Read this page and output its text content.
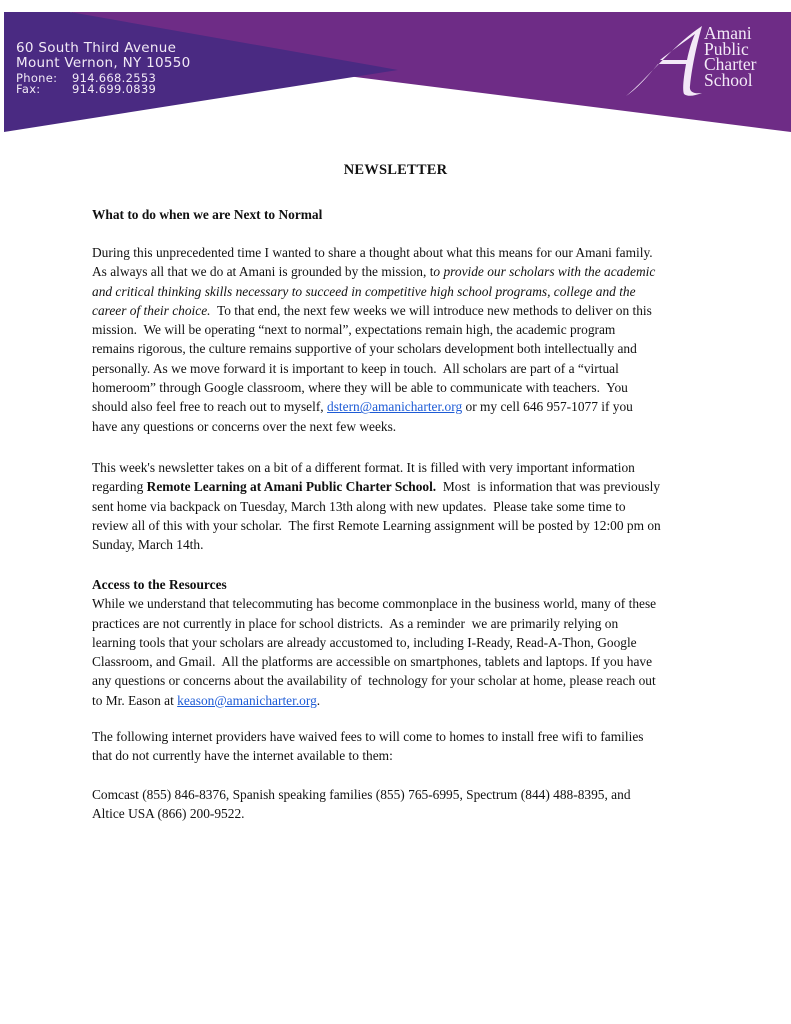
60 South Third Avenue
Mount Vernon, NY 10550
Phone: 914.668.2553
Fax:	914.699.0839
Amani
Public
Charter
School
NEWSLETTER
What to do when we are Next to Normal
During this unprecedented time I wanted to share a thought about what this means for our Amani family.
As always all that we do at Amani is grounded by the mission, to provide our scholars with the academic
and critical thinking skills necessary to succeed in competitive high school programs, college and the
career of their choice.  To that end, the next few weeks we will introduce new methods to deliver on this
mission.  We will be operating “next to normal”, expectations remain high, the academic program
remains rigorous, the culture remains supportive of your scholars development both intellectually and
personally. As we move forward it is important to keep in touch.  All scholars are part of a “virtual
homeroom” through Google classroom, where they will be able to communicate with teachers.  You
should also feel free to reach out to myself, dstern@amanicharter.org or my cell 646 957-1077 if you
have any questions or concerns over the next few weeks.
This week's newsletter takes on a bit of a different format. It is filled with very important information
regarding Remote Learning at Amani Public Charter School.  Most  is information that was previously
sent home via backpack on Tuesday, March 13th along with new updates.  Please take some time to
review all of this with your scholar.  The first Remote Learning assignment will be posted by 12:00 pm on
Sunday, March 14th.
Access to the Resources
While we understand that telecommuting has become commonplace in the business world, many of these
practices are not currently in place for school districts.  As a reminder  we are primarily relying on
learning tools that your scholars are already accustomed to, including I-Ready, Read-A-Thon, Google
Classroom, and Gmail.  All the platforms are accessible on smartphones, tablets and laptops. If you have
any questions or concerns about the availability of  technology for your scholar at home, please reach out
to Mr. Eason at keason@amanicharter.org.
The following internet providers have waived fees to will come to homes to install free wifi to families
that do not currently have the internet available to them:
Comcast (855) 846-8376, Spanish speaking families (855) 765-6995, Spectrum (844) 488-8395, and
Altice USA (866) 200-9522.
